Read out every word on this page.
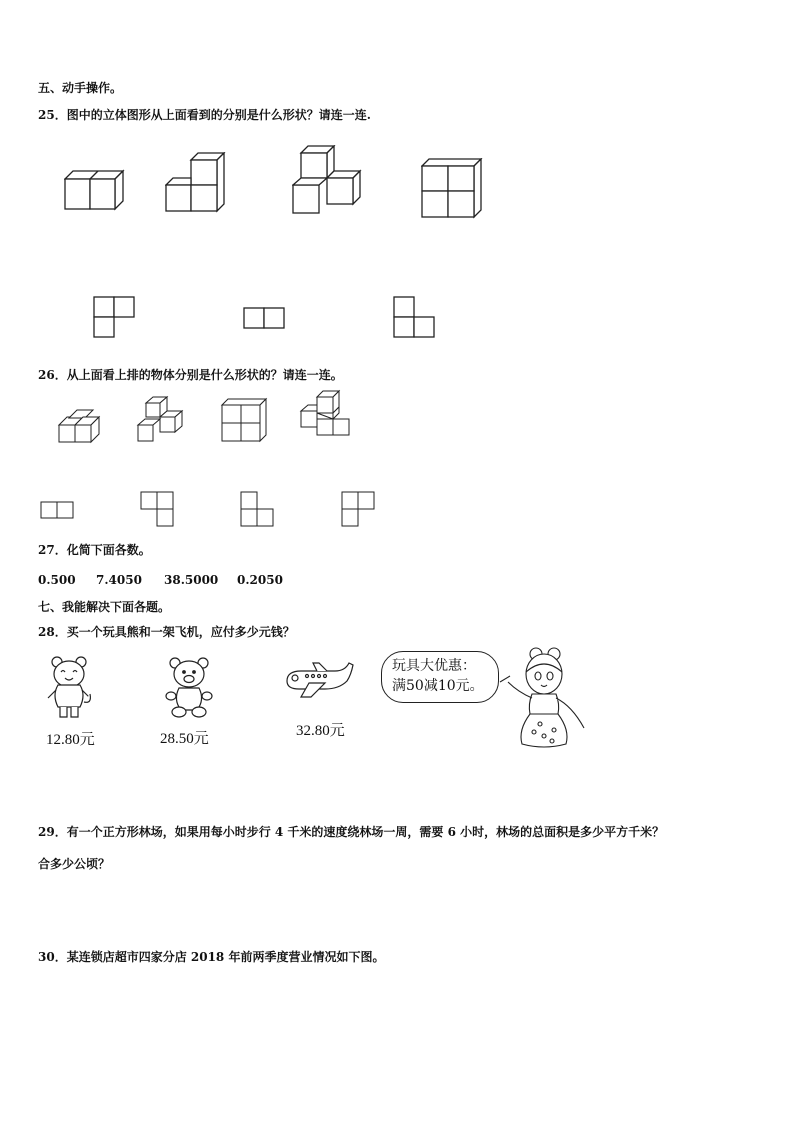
五、动手操作。
25．图中的立体图形从上面看到的分别是什么形状？请连一连.
26．从上面看上排的物体分别是什么形状的？请连一连。
27．化简下面各数。
0.500 7.4050 38.5000 0.2050
七、我能解决下面各题。
28．买一个玩具熊和一架飞机，应付多少元钱？
12.80元	28.50元	32.80元
玩具大优惠：
满50减10元。
29．有一个正方形林场，如果用每小时步行 4 千米的速度绕林场一周，需要 6 小时，林场的总面积是多少平方千米？
合多少公顷？
30．某连锁店超市四家分店 2018 年前两季度营业情况如下图。
